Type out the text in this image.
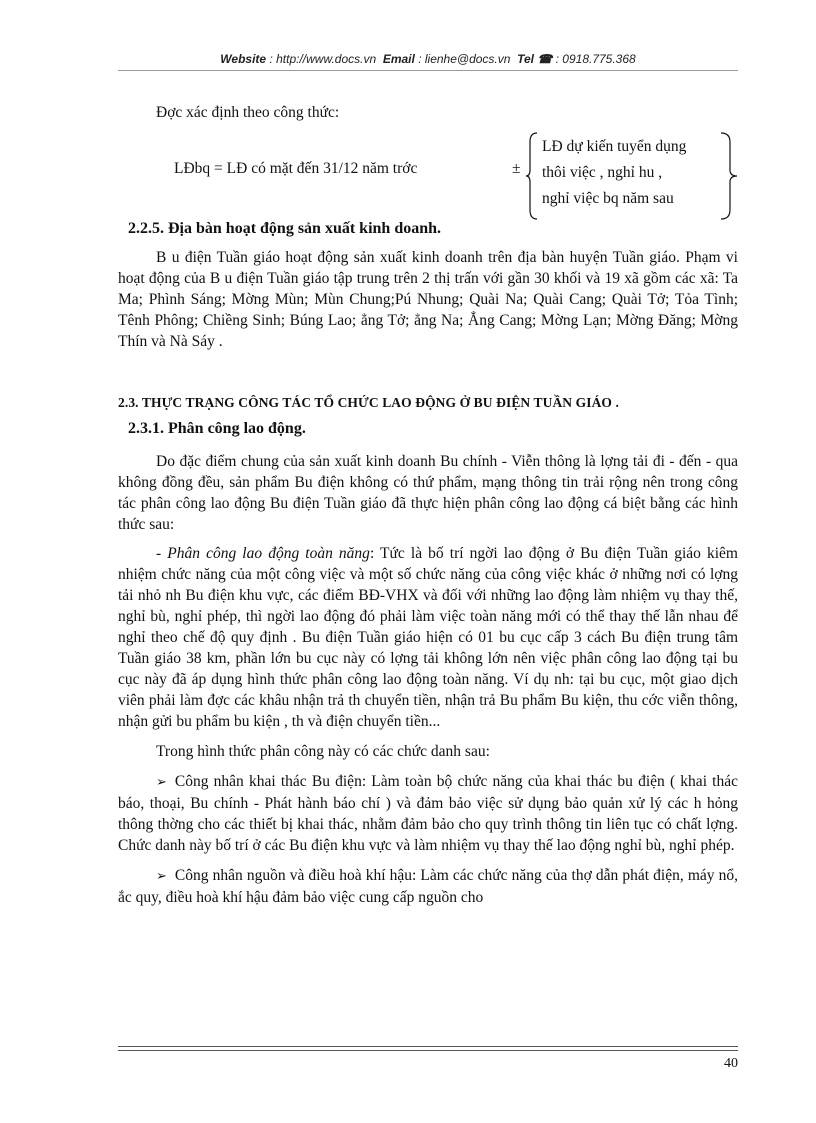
Website : http://www.docs.vn Email : lienhe@docs.vn Tel ☎ : 0918.775.368
Đợc xác định theo công thức:
LĐbq = LĐ có mặt đến 31/12 năm trớc	±
LĐ dự kiến tuyển dụng
thôi việc , nghỉ hu ,
nghỉ việc bq năm sau
2.2.5. Địa bàn hoạt động sản xuất kinh doanh.

B u điện Tuần giáo hoạt động sản xuất kinh doanh trên địa bàn huyện Tuần giáo. Phạm vi hoạt động của B u điện Tuần giáo tập trung trên 2 thị trấn với gần 30 khối và 19 xã gồm các xã: Ta Ma; Phình Sáng; Mờng Mùn; Mùn Chung;Pú Nhung; Quài Na; Quài Cang; Quài Tở; Tỏa Tình; Tênh Phông; Chiềng Sinh; Búng Lao; ẳng Tở; ẳng Na; Ẳng Cang; Mờng Lạn; Mờng Đăng; Mờng Thín và Nà Sáy .

2.3. THỰC TRẠNG CÔNG TÁC TỔ CHỨC LAO ĐỘNG Ở BU ĐIỆN TUẦN GIÁO .
2.3.1. Phân công lao động.

Do đặc điểm chung của sản xuất kinh doanh Bu chính - Viễn thông là lợng tải đi - đến - qua không đồng đều, sản phẩm Bu điện không có thứ phẩm, mạng thông tin trải rộng nên trong công tác phân công lao động Bu điện Tuần giáo đã thực hiện phân công lao động cá biệt bằng các hình thức sau:

- Phân công lao động toàn năng: Tức là bố trí ngời lao động ở Bu điện Tuần giáo kiêm nhiệm chức năng của một công việc và một số chức năng của công việc khác ở những nơi có lợng tải nhỏ nh Bu điện khu vực, các điểm BĐ-VHX và đối với những lao động làm nhiệm vụ thay thế, nghỉ bù, nghỉ phép, thì ngời lao động đó phải làm việc toàn năng mới có thể thay thế lẫn nhau để nghỉ theo chế độ quy định . Bu điện Tuần giáo hiện có 01 bu cục cấp 3 cách Bu điện trung tâm Tuần giáo 38 km, phần lớn bu cục này có lợng tải không lớn nên việc phân công lao động tại bu cục này đã áp dụng hình thức phân công lao động toàn năng. Ví dụ nh: tại bu cục, một giao dịch viên phải làm đợc các khâu nhận trả th chuyển tiền, nhận trả Bu phẩm Bu kiện, thu cớc viễn thông, nhận gửi bu phẩm bu kiện , th và điện chuyển tiền...

Trong hình thức phân công này có các chức danh sau:

➢ Công nhân khai thác Bu điện: Làm toàn bộ chức năng của khai thác bu điện ( khai thác báo, thoại, Bu chính - Phát hành báo chí ) và đảm bảo việc sử dụng bảo quản xử lý các h hỏng thông thờng cho các thiết bị khai thác, nhằm đảm bảo cho quy trình thông tin liên tục có chất lợng. Chức danh này bố trí ở các Bu điện khu vực và làm nhiệm vụ thay thế lao động nghỉ bù, nghỉ phép.

➢ Công nhân nguồn và điều hoà khí hậu: Làm các chức năng của thợ dẫn phát điện, máy nổ, ắc quy, điều hoà khí hậu đảm bảo việc cung cấp nguồn cho

40
